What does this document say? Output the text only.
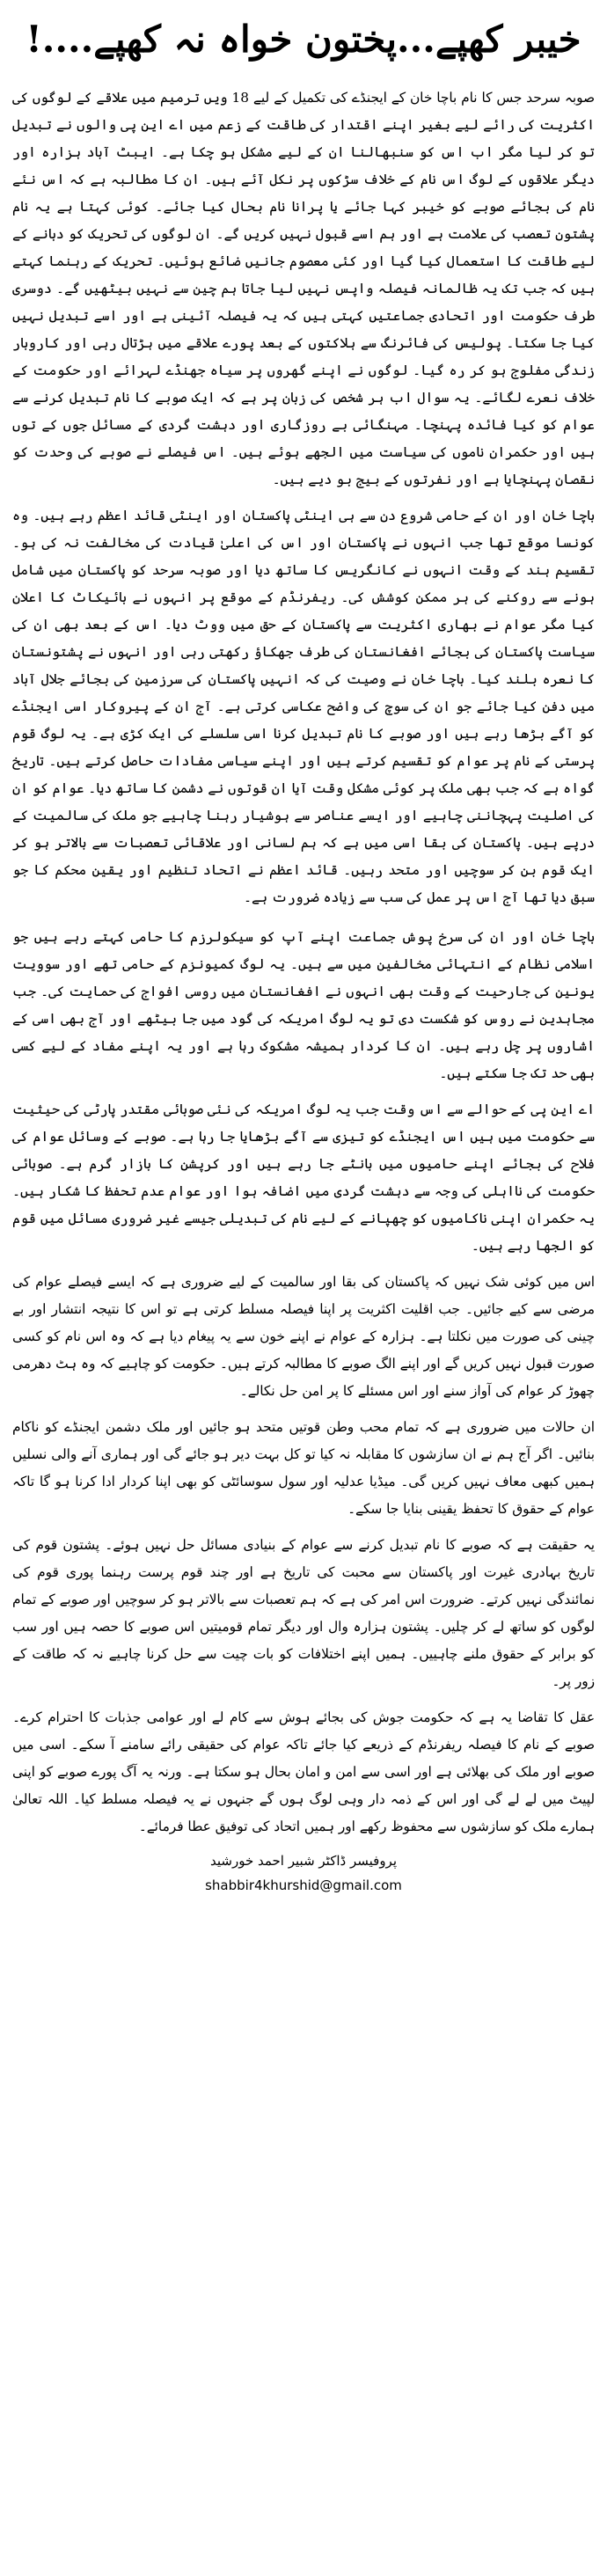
خیبر کھپے...پختون خواہ نہ کھپے....!

صوبہ سرحد جس کا نام باچا خان کے ایجنڈے کی تکمیل کے لیے 18 ویں ترمیم میں علاقے کے لوگوں کی اکثریت کی رائے لیے بغیر اپنے اقتدار کی طاقت کے زعم میں اے این پی والوں نے تبدیل تو کر لیا مگر اب اس کو سنبھالنا ان کے لیے مشکل ہو چکا ہے۔ ایبٹ آباد ہزارہ اور دیگر علاقوں کے لوگ اس نام کے خلاف سڑکوں پر نکل آئے ہیں۔ ان کا مطالبہ ہے کہ اس نئے نام کی بجائے صوبے کو خیبر کہا جائے یا پرانا نام بحال کیا جائے۔ کوئی کہتا ہے یہ نام پشتون تعصب کی علامت ہے اور ہم اسے قبول نہیں کریں گے۔ ان لوگوں کی تحریک کو دبانے کے لیے طاقت کا استعمال کیا گیا اور کئی معصوم جانیں ضائع ہوئیں۔ تحریک کے رہنما کہتے ہیں کہ جب تک یہ ظالمانہ فیصلہ واپس نہیں لیا جاتا ہم چین سے نہیں بیٹھیں گے۔ دوسری طرف حکومت اور اتحادی جماعتیں کہتی ہیں کہ یہ فیصلہ آئینی ہے اور اسے تبدیل نہیں کیا جا سکتا۔ پولیس کی فائرنگ سے ہلاکتوں کے بعد پورے علاقے میں ہڑتال رہی اور کاروبار زندگی مفلوج ہو کر رہ گیا۔ لوگوں نے اپنے گھروں پر سیاہ جھنڈے لہرائے اور حکومت کے خلاف نعرے لگائے۔ یہ سوال اب ہر شخص کی زبان پر ہے کہ ایک صوبے کا نام تبدیل کرنے سے عوام کو کیا فائدہ پہنچا۔ مہنگائی بے روزگاری اور دہشت گردی کے مسائل جوں کے توں ہیں اور حکمران ناموں کی سیاست میں الجھے ہوئے ہیں۔ اس فیصلے نے صوبے کی وحدت کو نقصان پہنچایا ہے اور نفرتوں کے بیج بو دیے ہیں۔

باچا خان اور ان کے حامی شروع دن سے ہی اینٹی پاکستان اور اینٹی قائد اعظم رہے ہیں۔ وہ کونسا موقع تھا جب انہوں نے پاکستان اور اس کی اعلیٰ قیادت کی مخالفت نہ کی ہو۔ تقسیم ہند کے وقت انہوں نے کانگریس کا ساتھ دیا اور صوبہ سرحد کو پاکستان میں شامل ہونے سے روکنے کی ہر ممکن کوشش کی۔ ریفرنڈم کے موقع پر انہوں نے بائیکاٹ کا اعلان کیا مگر عوام نے بھاری اکثریت سے پاکستان کے حق میں ووٹ دیا۔ اس کے بعد بھی ان کی سیاست پاکستان کی بجائے افغانستان کی طرف جھکاؤ رکھتی رہی اور انہوں نے پشتونستان کا نعرہ بلند کیا۔ باچا خان نے وصیت کی کہ انہیں پاکستان کی سرزمین کی بجائے جلال آباد میں دفن کیا جائے جو ان کی سوچ کی واضح عکاسی کرتی ہے۔ آج ان کے پیروکار اسی ایجنڈے کو آگے بڑھا رہے ہیں اور صوبے کا نام تبدیل کرنا اسی سلسلے کی ایک کڑی ہے۔ یہ لوگ قوم پرستی کے نام پر عوام کو تقسیم کرتے ہیں اور اپنے سیاسی مفادات حاصل کرتے ہیں۔ تاریخ گواہ ہے کہ جب بھی ملک پر کوئی مشکل وقت آیا ان قوتوں نے دشمن کا ساتھ دیا۔ عوام کو ان کی اصلیت پہچاننی چاہیے اور ایسے عناصر سے ہوشیار رہنا چاہیے جو ملک کی سالمیت کے درپے ہیں۔ پاکستان کی بقا اسی میں ہے کہ ہم لسانی اور علاقائی تعصبات سے بالاتر ہو کر ایک قوم بن کر سوچیں اور متحد رہیں۔ قائد اعظم نے اتحاد تنظیم اور یقین محکم کا جو سبق دیا تھا آج اس پر عمل کی سب سے زیادہ ضرورت ہے۔

باچا خان اور ان کی سرخ پوش جماعت اپنے آپ کو سیکولرزم کا حامی کہتے رہے ہیں جو اسلامی نظام کے انتہائی مخالفین میں سے ہیں۔ یہ لوگ کمیونزم کے حامی تھے اور سوویت یونین کی جارحیت کے وقت بھی انہوں نے افغانستان میں روسی افواج کی حمایت کی۔ جب مجاہدین نے روس کو شکست دی تو یہ لوگ امریکہ کی گود میں جا بیٹھے اور آج بھی اسی کے اشاروں پر چل رہے ہیں۔ ان کا کردار ہمیشہ مشکوک رہا ہے اور یہ اپنے مفاد کے لیے کسی بھی حد تک جا سکتے ہیں۔

اے این پی کے حوالے سے اس وقت جب یہ لوگ امریکہ کی نئی صوبائی مقتدر پارٹی کی حیثیت سے حکومت میں ہیں اس ایجنڈے کو تیزی سے آگے بڑھایا جا رہا ہے۔ صوبے کے وسائل عوام کی فلاح کی بجائے اپنے حامیوں میں بانٹے جا رہے ہیں اور کرپشن کا بازار گرم ہے۔ صوبائی حکومت کی نااہلی کی وجہ سے دہشت گردی میں اضافہ ہوا اور عوام عدم تحفظ کا شکار ہیں۔ یہ حکمران اپنی ناکامیوں کو چھپانے کے لیے نام کی تبدیلی جیسے غیر ضروری مسائل میں قوم کو الجھا رہے ہیں۔

اس میں کوئی شک نہیں کہ پاکستان کی بقا اور سالمیت کے لیے ضروری ہے کہ ایسے فیصلے عوام کی مرضی سے کیے جائیں۔ جب اقلیت اکثریت پر اپنا فیصلہ مسلط کرتی ہے تو اس کا نتیجہ انتشار اور بے چینی کی صورت میں نکلتا ہے۔ ہزارہ کے عوام نے اپنے خون سے یہ پیغام دیا ہے کہ وہ اس نام کو کسی صورت قبول نہیں کریں گے اور اپنے الگ صوبے کا مطالبہ کرتے ہیں۔ حکومت کو چاہیے کہ وہ ہٹ دھرمی چھوڑ کر عوام کی آواز سنے اور اس مسئلے کا پر امن حل نکالے۔

ان حالات میں ضروری ہے کہ تمام محب وطن قوتیں متحد ہو جائیں اور ملک دشمن ایجنڈے کو ناکام بنائیں۔ اگر آج ہم نے ان سازشوں کا مقابلہ نہ کیا تو کل بہت دیر ہو جائے گی اور ہماری آنے والی نسلیں ہمیں کبھی معاف نہیں کریں گی۔ میڈیا عدلیہ اور سول سوسائٹی کو بھی اپنا کردار ادا کرنا ہو گا تاکہ عوام کے حقوق کا تحفظ یقینی بنایا جا سکے۔

یہ حقیقت ہے کہ صوبے کا نام تبدیل کرنے سے عوام کے بنیادی مسائل حل نہیں ہوئے۔ پشتون قوم کی تاریخ بہادری غیرت اور پاکستان سے محبت کی تاریخ ہے اور چند قوم پرست رہنما پوری قوم کی نمائندگی نہیں کرتے۔ ضرورت اس امر کی ہے کہ ہم تعصبات سے بالاتر ہو کر سوچیں اور صوبے کے تمام لوگوں کو ساتھ لے کر چلیں۔ پشتون ہزارہ وال اور دیگر تمام قومیتیں اس صوبے کا حصہ ہیں اور سب کو برابر کے حقوق ملنے چاہییں۔ ہمیں اپنے اختلافات کو بات چیت سے حل کرنا چاہیے نہ کہ طاقت کے زور پر۔

عقل کا تقاضا یہ ہے کہ حکومت جوش کی بجائے ہوش سے کام لے اور عوامی جذبات کا احترام کرے۔ صوبے کے نام کا فیصلہ ریفرنڈم کے ذریعے کیا جائے تاکہ عوام کی حقیقی رائے سامنے آ سکے۔ اسی میں صوبے اور ملک کی بھلائی ہے اور اسی سے امن و امان بحال ہو سکتا ہے۔ ورنہ یہ آگ پورے صوبے کو اپنی لپیٹ میں لے لے گی اور اس کے ذمہ دار وہی لوگ ہوں گے جنہوں نے یہ فیصلہ مسلط کیا۔ اللہ تعالیٰ ہمارے ملک کو سازشوں سے محفوظ رکھے اور ہمیں اتحاد کی توفیق عطا فرمائے۔

پروفیسر ڈاکٹر شبیر احمد خورشید
shabbir4khurshid@gmail.com
